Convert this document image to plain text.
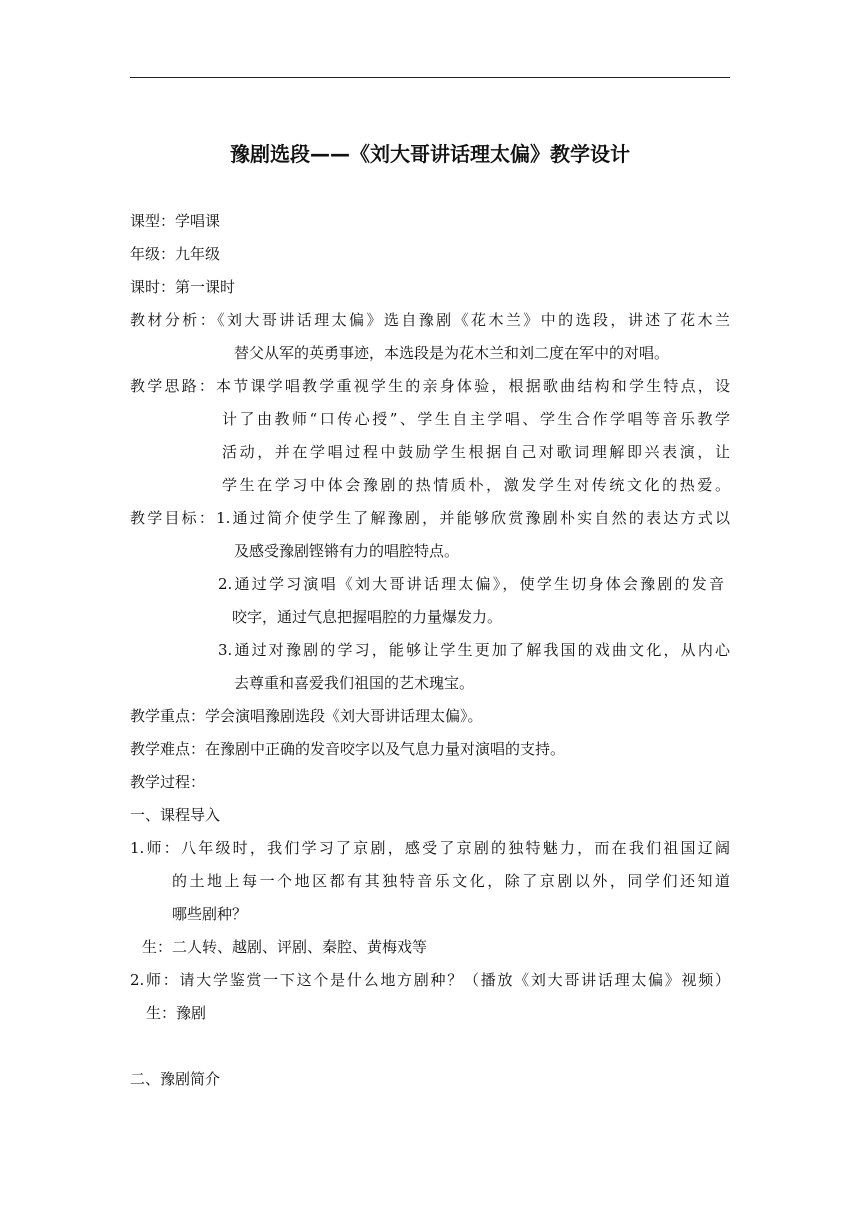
豫剧选段——《刘大哥讲话理太偏》教学设计
课型：学唱课
年级：九年级
课时：第一课时
教材分析：《刘大哥讲话理太偏》选自豫剧《花木兰》中的选段，讲述了花木兰
替父从军的英勇事迹，本选段是为花木兰和刘二度在军中的对唱。
教学思路：本节课学唱教学重视学生的亲身体验，根据歌曲结构和学生特点，设
计了由教师“口传心授”、学生自主学唱、学生合作学唱等音乐教学
活动，并在学唱过程中鼓励学生根据自己对歌词理解即兴表演，让
学生在学习中体会豫剧的热情质朴，激发学生对传统文化的热爱。
教学目标：1.通过简介使学生了解豫剧，并能够欣赏豫剧朴实自然的表达方式以
及感受豫剧铿锵有力的唱腔特点。
2.通过学习演唱《刘大哥讲话理太偏》，使学生切身体会豫剧的发音
咬字，通过气息把握唱腔的力量爆发力。
3.通过对豫剧的学习，能够让学生更加了解我国的戏曲文化，从内心
去尊重和喜爱我们祖国的艺术瑰宝。
教学重点：学会演唱豫剧选段《刘大哥讲话理太偏》。
教学难点：在豫剧中正确的发音咬字以及气息力量对演唱的支持。
教学过程：
一、课程导入
1.师：八年级时，我们学习了京剧，感受了京剧的独特魅力，而在我们祖国辽阔
的土地上每一个地区都有其独特音乐文化，除了京剧以外，同学们还知道
哪些剧种？
生：二人转、越剧、评剧、秦腔、黄梅戏等
2.师：请大学鉴赏一下这个是什么地方剧种？（播放《刘大哥讲话理太偏》视频）
生：豫剧
二、豫剧简介
